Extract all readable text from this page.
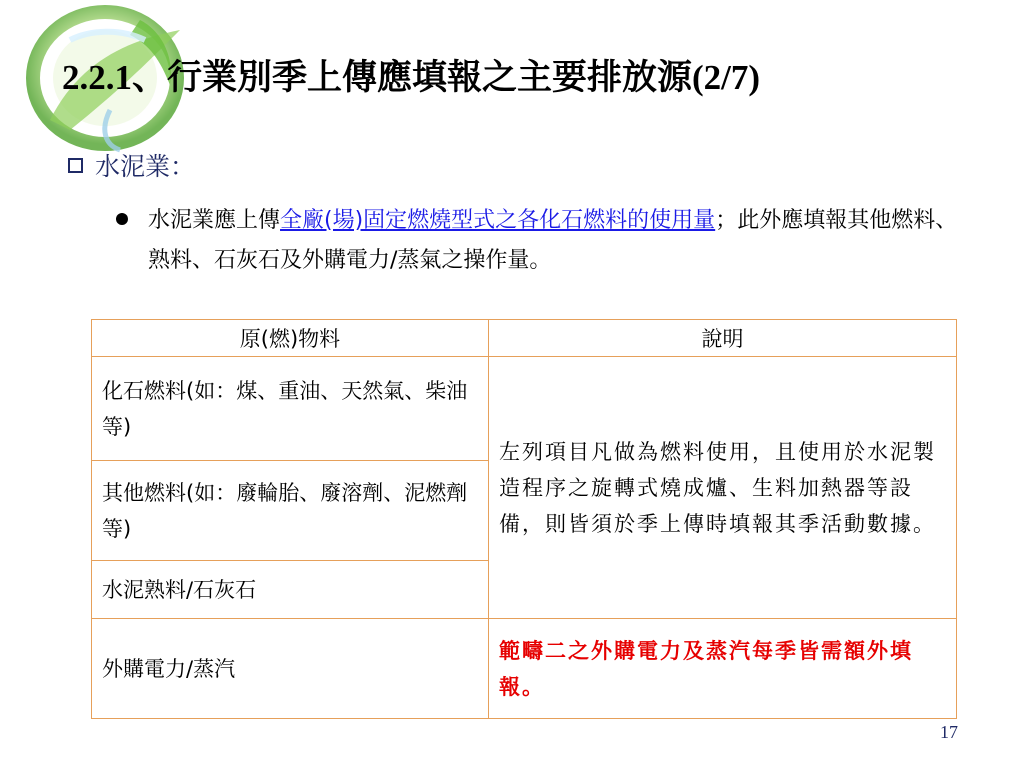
2.2.1、行業別季上傳應填報之主要排放源(2/7)
水泥業：

水泥業應上傳全廠(場)固定燃燒型式之各化石燃料的使用量；此外應填報其他燃料、熟料、石灰石及外購電力/蒸氣之操作量。

原(燃)物料	說明
化石燃料(如：煤、重油、天然氣、柴油等)	左列項目凡做為燃料使用，且使用於水泥製造程序之旋轉式燒成爐、生料加熱器等設備，則皆須於季上傳時填報其季活動數據。
其他燃料(如：廢輪胎、廢溶劑、泥燃劑等)	
水泥熟料/石灰石	
外購電力/蒸汽	範疇二之外購電力及蒸汽每季皆需額外填報。
17
